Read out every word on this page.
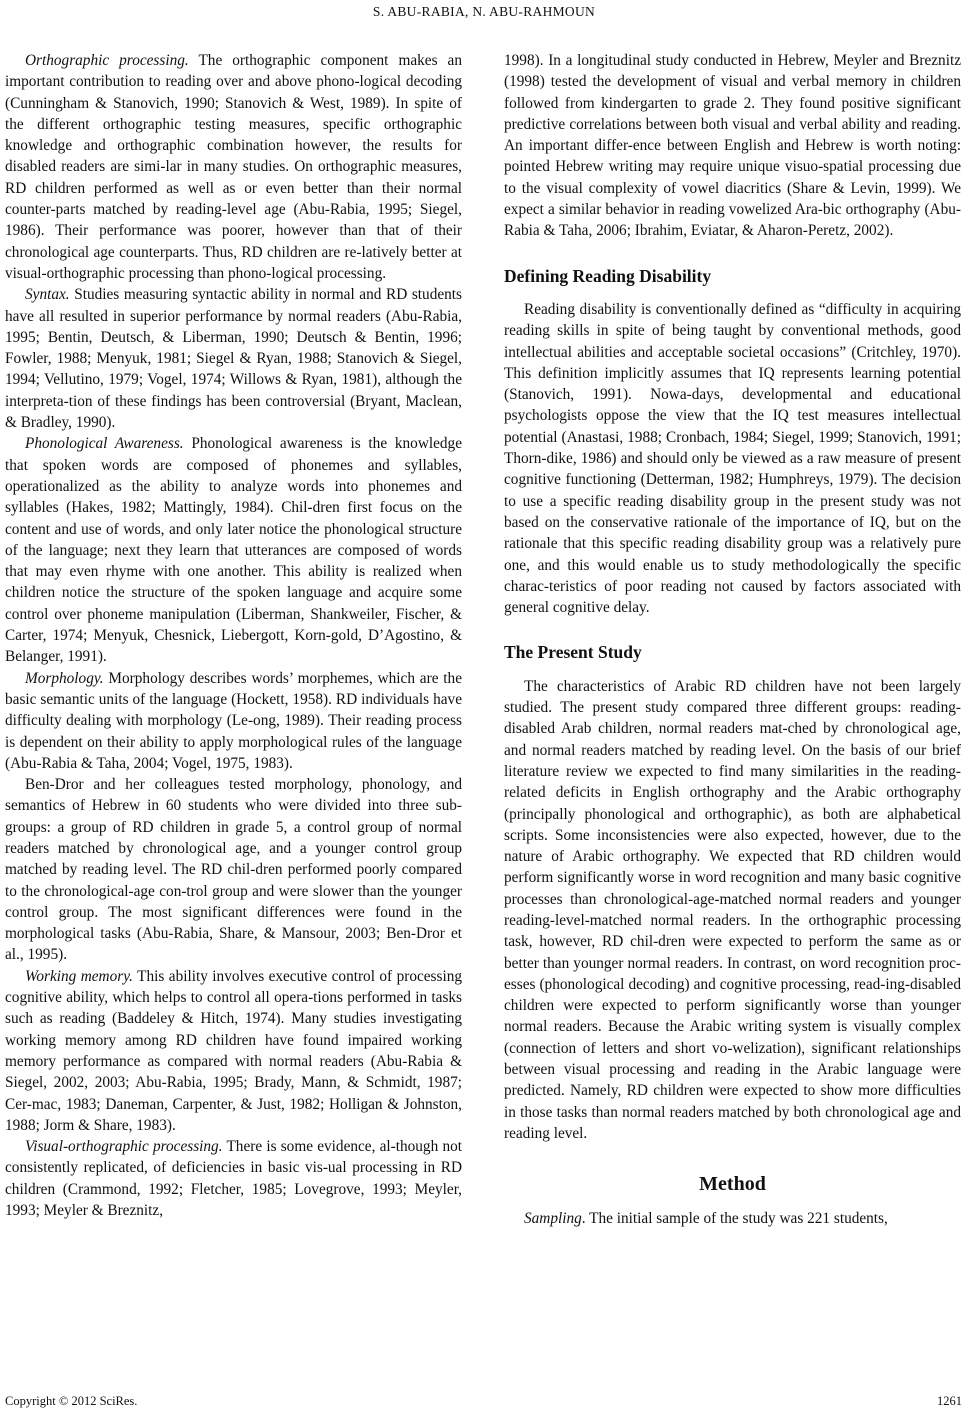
S. ABU-RABIA, N. ABU-RAHMOUN

Orthographic processing. The orthographic component makes an important contribution to reading over and above phono-logical decoding (Cunningham & Stanovich, 1990; Stanovich & West, 1989). In spite of the different orthographic testing measures, specific orthographic knowledge and orthographic combination however, the results for disabled readers are simi-lar in many studies. On orthographic measures, RD children performed as well as or even better than their normal counter-parts matched by reading-level age (Abu-Rabia, 1995; Siegel, 1986). Their performance was poorer, however than that of their chronological age counterparts. Thus, RD children are re-latively better at visual-orthographic processing than phono-logical processing.

Syntax. Studies measuring syntactic ability in normal and RD students have all resulted in superior performance by normal readers (Abu-Rabia, 1995; Bentin, Deutsch, & Liberman, 1990; Deutsch & Bentin, 1996; Fowler, 1988; Menyuk, 1981; Siegel & Ryan, 1988; Stanovich & Siegel, 1994; Vellutino, 1979; Vogel, 1974; Willows & Ryan, 1981), although the interpreta-tion of these findings has been controversial (Bryant, Maclean, & Bradley, 1990).

Phonological Awareness. Phonological awareness is the knowledge that spoken words are composed of phonemes and syllables, operationalized as the ability to analyze words into phonemes and syllables (Hakes, 1982; Mattingly, 1984). Chil-dren first focus on the content and use of words, and only later notice the phonological structure of the language; next they learn that utterances are composed of words that may even rhyme with one another. This ability is realized when children notice the structure of the spoken language and acquire some control over phoneme manipulation (Liberman, Shankweiler, Fischer, & Carter, 1974; Menyuk, Chesnick, Liebergott, Korn-gold, D’Agostino, & Belanger, 1991).

Morphology. Morphology describes words’ morphemes, which are the basic semantic units of the language (Hockett, 1958). RD individuals have difficulty dealing with morphology (Le-ong, 1989). Their reading process is dependent on their ability to apply morphological rules of the language (Abu-Rabia & Taha, 2004; Vogel, 1975, 1983).

Ben-Dror and her colleagues tested morphology, phonology, and semantics of Hebrew in 60 students who were divided into three sub-groups: a group of RD children in grade 5, a control group of normal readers matched by chronological age, and a younger control group matched by reading level. The RD chil-dren performed poorly compared to the chronological-age con-trol group and were slower than the younger control group. The most significant differences were found in the morphological tasks (Abu-Rabia, Share, & Mansour, 2003; Ben-Dror et al., 1995).

Working memory. This ability involves executive control of processing cognitive ability, which helps to control all opera-tions performed in tasks such as reading (Baddeley & Hitch, 1974). Many studies investigating working memory among RD children have found impaired working memory performance as compared with normal readers (Abu-Rabia & Siegel, 2002, 2003; Abu-Rabia, 1995; Brady, Mann, & Schmidt, 1987; Cer-mac, 1983; Daneman, Carpenter, & Just, 1982; Holligan & Johnston, 1988; Jorm & Share, 1983).

Visual-orthographic processing. There is some evidence, al-though not consistently replicated, of deficiencies in basic vis-ual processing in RD children (Crammond, 1992; Fletcher, 1985; Lovegrove, 1993; Meyler, 1993; Meyler & Breznitz,

1998). In a longitudinal study conducted in Hebrew, Meyler and Breznitz (1998) tested the development of visual and verbal memory in children followed from kindergarten to grade 2. They found positive significant predictive correlations between both visual and verbal ability and reading. An important differ-ence between English and Hebrew is worth noting: pointed Hebrew writing may require unique visuo-spatial processing due to the visual complexity of vowel diacritics (Share & Levin, 1999). We expect a similar behavior in reading vowelized Ara-bic orthography (Abu-Rabia & Taha, 2006; Ibrahim, Eviatar, & Aharon-Peretz, 2002).

Defining Reading Disability

Reading disability is conventionally defined as “difficulty in acquiring reading skills in spite of being taught by conventional methods, good intellectual abilities and acceptable societal occasions” (Critchley, 1970). This definition implicitly assumes that IQ represents learning potential (Stanovich, 1991). Nowa-days, developmental and educational psychologists oppose the view that the IQ test measures intellectual potential (Anastasi, 1988; Cronbach, 1984; Siegel, 1999; Stanovich, 1991; Thorn-dike, 1986) and should only be viewed as a raw measure of present cognitive functioning (Detterman, 1982; Humphreys, 1979). The decision to use a specific reading disability group in the present study was not based on the conservative rationale of the importance of IQ, but on the rationale that this specific reading disability group was a relatively pure one, and this would enable us to study methodologically the specific charac-teristics of poor reading not caused by factors associated with general cognitive delay.

The Present Study

The characteristics of Arabic RD children have not been largely studied. The present study compared three different groups: reading-disabled Arab children, normal readers mat-ched by chronological age, and normal readers matched by reading level. On the basis of our brief literature review we expected to find many similarities in the reading-related deficits in English orthography and the Arabic orthography (principally phonological and orthographic), as both are alphabetical scripts. Some inconsistencies were also expected, however, due to the nature of Arabic orthography. We expected that RD children would perform significantly worse in word recognition and many basic cognitive processes than chronological-age-matched normal readers and younger reading-level-matched normal readers. In the orthographic processing task, however, RD chil-dren were expected to perform the same as or better than younger normal readers. In contrast, on word recognition proc-esses (phonological decoding) and cognitive processing, read-ing-disabled children were expected to perform significantly worse than younger normal readers. Because the Arabic writing system is visually complex (connection of letters and short vo-welization), significant relationships between visual processing and reading in the Arabic language were predicted. Namely, RD children were expected to show more difficulties in those tasks than normal readers matched by both chronological age and reading level.

Method

Sampling. The initial sample of the study was 221 students,

Copyright © 2012 SciRes.	1261
